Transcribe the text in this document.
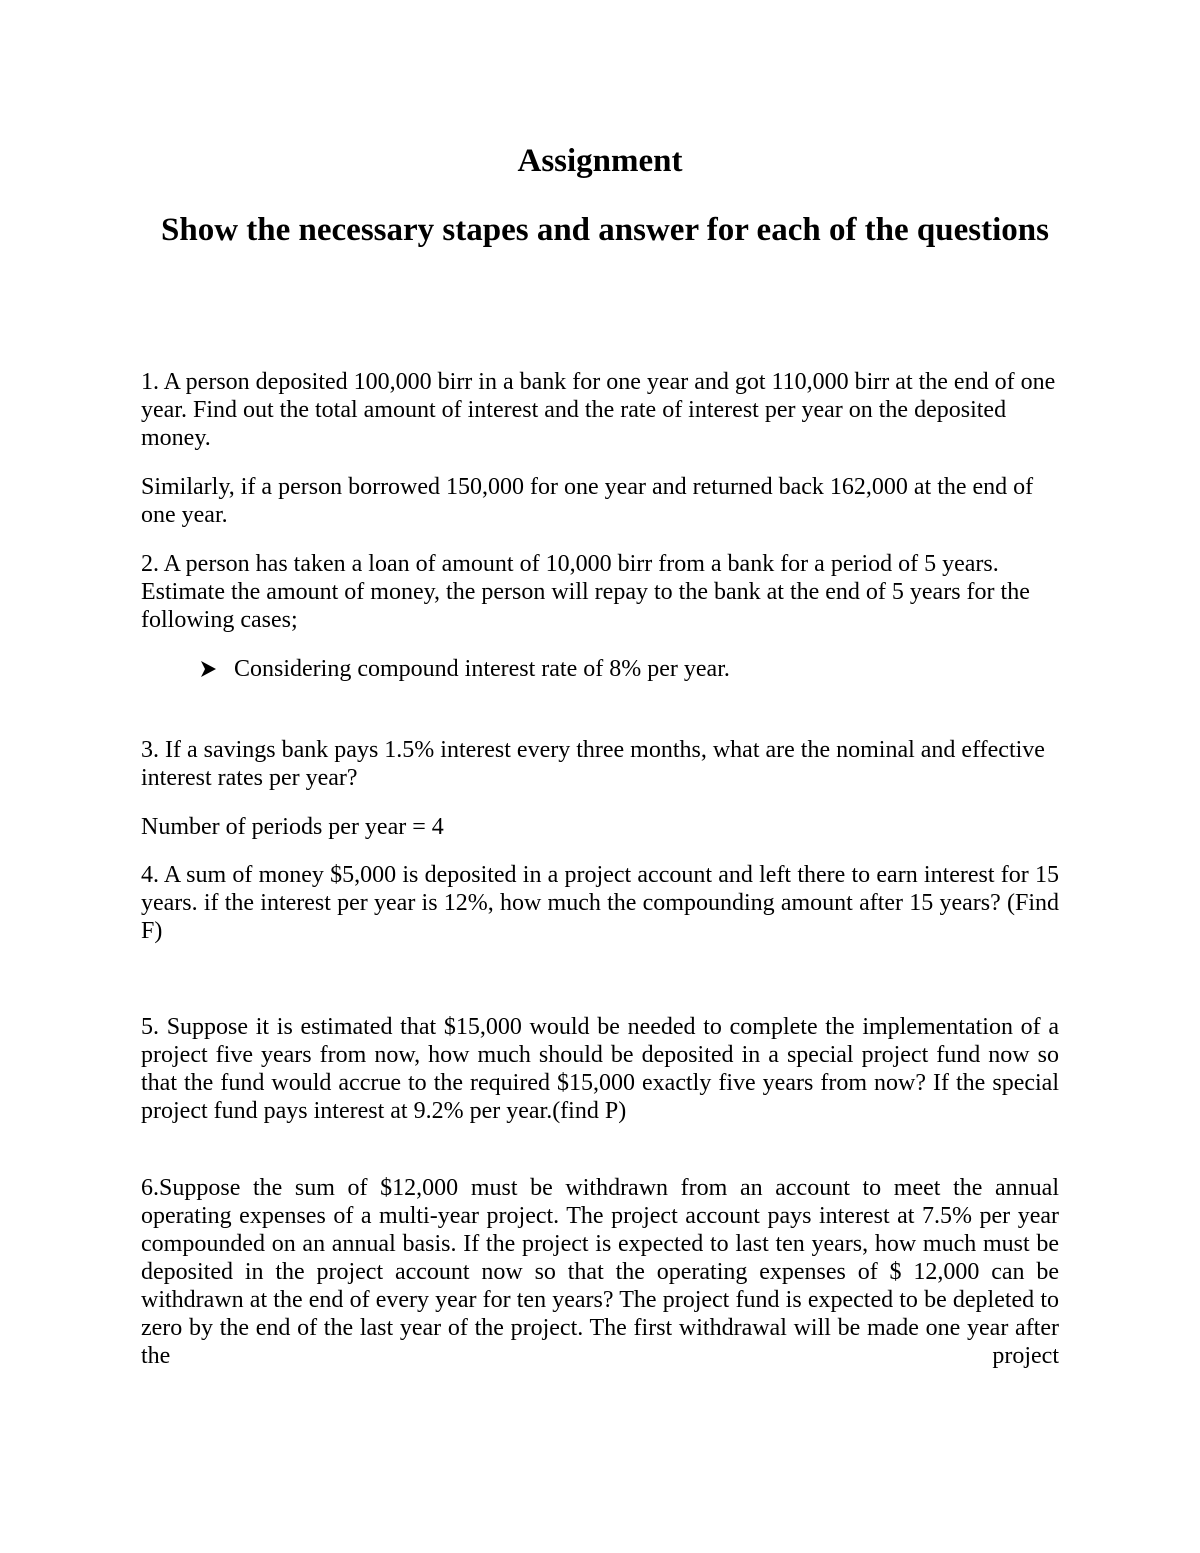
Assignment
Show the necessary stapes and answer for each of the questions

1. A person deposited 100,000 birr in a bank for one year and got 110,000 birr at the end of one year. Find out the total amount of interest and the rate of interest per year on the deposited money.

Similarly, if a person borrowed 150,000 for one year and returned back 162,000 at the end of one year.

2. A person has taken a loan of amount of 10,000 birr from a bank for a period of 5 years. Estimate the amount of money, the person will repay to the bank at the end of 5 years for the following cases;

Considering compound interest rate of 8% per year.

3. If a savings bank pays 1.5% interest every three months, what are the nominal and effective interest rates per year?

Number of periods per year = 4

4. A sum of money $5,000 is deposited in a project account and left there to earn interest for 15 years. if the interest per year is 12%, how much the compounding amount after 15 years? (Find F)

5. Suppose it is estimated that $15,000 would be needed to complete the implementation of a project five years from now, how much should be deposited in a special project fund now so that the fund would accrue to the required $15,000 exactly five years from now? If the special project fund pays interest at 9.2% per year.(find P)

6.Suppose the sum of $12,000 must be withdrawn from an account to meet the annual operating expenses of a multi-year project. The project account pays interest at 7.5% per year compounded on an annual basis. If the project is expected to last ten years, how much must be deposited in the project account now so that the operating expenses of $ 12,000 can be withdrawn at the end of every year for ten years? The project fund is expected to be depleted to zero by the end of the last year of the project. The first withdrawal will be made one year after the project
